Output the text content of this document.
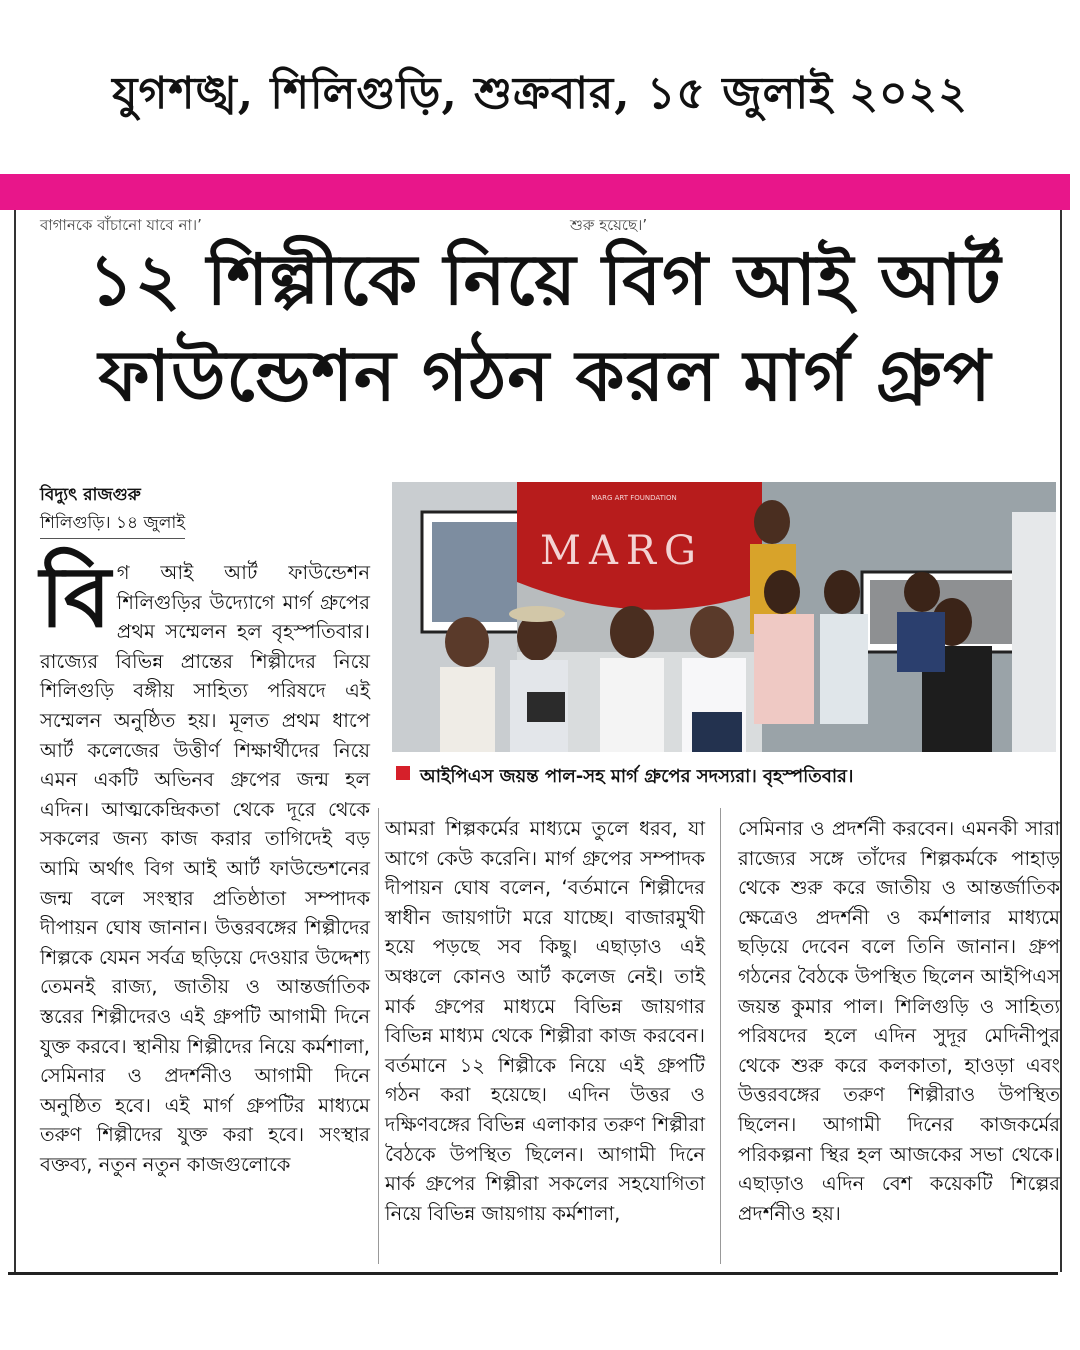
যুগশঙ্খ, শিলিগুড়ি, শুক্রবার, ১৫ জুলাই ২০২২
বাগানকে বাঁচানো যাবে না।’	শুরু হয়েছে।’
১২ শিল্পীকে নিয়ে বিগ আই আর্ট
ফাউন্ডেশন গঠন করল মার্গ গ্রুপ
বিদ্যুৎ রাজগুরু
শিলিগুড়ি। ১৪ জুলাই
বি গ আই আর্ট ফাউন্ডেশন শিলিগুড়ির উদ্যোগে মার্গ গ্রুপের প্রথম সম্মেলন হল বৃহস্পতিবার। রাজ্যের বিভিন্ন প্রান্তের শিল্পীদের নিয়ে শিলিগুড়ি বঙ্গীয় সাহিত্য পরিষদে এই সম্মেলন অনুষ্ঠিত হয়। মূলত প্রথম ধাপে আর্ট কলেজের উত্তীর্ণ শিক্ষার্থীদের নিয়ে এমন একটি অভিনব গ্রুপের জন্ম হল এদিন। আত্মকেন্দ্রিকতা থেকে দূরে থেকে সকলের জন্য কাজ করার তাগিদেই বড় আমি অর্থাৎ বিগ আই আর্ট ফাউন্ডেশনের জন্ম বলে সংস্থার প্রতিষ্ঠাতা সম্পাদক দীপায়ন ঘোষ জানান। উত্তরবঙ্গের শিল্পীদের শিল্পকে যেমন সর্বত্র ছড়িয়ে দেওয়ার উদ্দেশ্য তেমনই রাজ্য, জাতীয় ও আন্তর্জাতিক স্তরের শিল্পীদেরও এই গ্রুপটি আগামী দিনে যুক্ত করবে। স্থানীয় শিল্পীদের নিয়ে কর্মশালা, সেমিনার ও প্রদর্শনীও আগামী দিনে অনুষ্ঠিত হবে। এই মার্গ গ্রুপটির মাধ্যমে তরুণ শিল্পীদের যুক্ত করা হবে। সংস্থার বক্তব্য, নতুন নতুন কাজগুলোকে

MARG ART FOUNDATION
MARG
আইপিএস জয়ন্ত পাল-সহ মার্গ গ্রুপের সদস্যরা। বৃহস্পতিবার।

আমরা শিল্পকর্মের মাধ্যমে তুলে ধরব, যা আগে কেউ করেনি। মার্গ গ্রুপের সম্পাদক দীপায়ন ঘোষ বলেন, ‘বর্তমানে শিল্পীদের স্বাধীন জায়গাটা মরে যাচ্ছে। বাজারমুখী হয়ে পড়ছে সব কিছু। এছাড়াও এই অঞ্চলে কোনও আর্ট কলেজ নেই। তাই মার্ক গ্রুপের মাধ্যমে বিভিন্ন জায়গার বিভিন্ন মাধ্যম থেকে শিল্পীরা কাজ করবেন। বর্তমানে ১২ শিল্পীকে নিয়ে এই গ্রুপটি গঠন করা হয়েছে। এদিন উত্তর ও দক্ষিণবঙ্গের বিভিন্ন এলাকার তরুণ শিল্পীরা বৈঠকে উপস্থিত ছিলেন। আগামী দিনে মার্ক গ্রুপের শিল্পীরা সকলের সহযোগিতা নিয়ে বিভিন্ন জায়গায় কর্মশালা,

সেমিনার ও প্রদর্শনী করবেন। এমনকী সারা রাজ্যের সঙ্গে তাঁদের শিল্পকর্মকে পাহাড় থেকে শুরু করে জাতীয় ও আন্তর্জাতিক ক্ষেত্রেও প্রদর্শনী ও কর্মশালার মাধ্যমে ছড়িয়ে দেবেন বলে তিনি জানান। গ্রুপ গঠনের বৈঠকে উপস্থিত ছিলেন আইপিএস জয়ন্ত কুমার পাল। শিলিগুড়ি ও সাহিত্য পরিষদের হলে এদিন সুদূর মেদিনীপুর থেকে শুরু করে কলকাতা, হাওড়া এবং উত্তরবঙ্গের তরুণ শিল্পীরাও উপস্থিত ছিলেন। আগামী দিনের কাজকর্মের পরিকল্পনা স্থির হল আজকের সভা থেকে। এছাড়াও এদিন বেশ কয়েকটি শিল্পের প্রদর্শনীও হয়।
